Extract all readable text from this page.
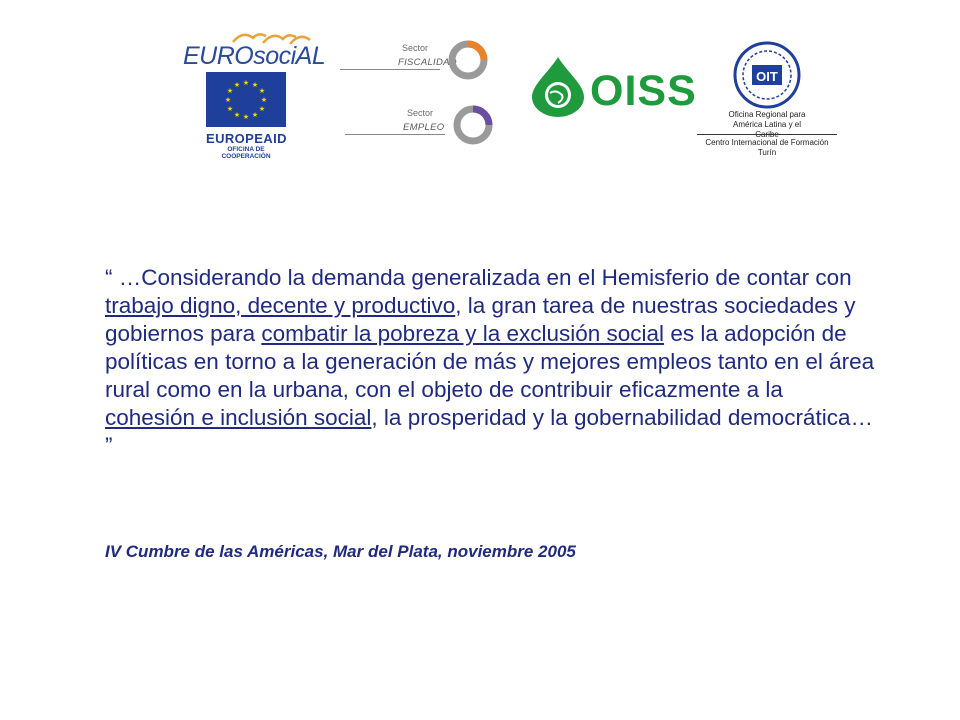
EUROsociAL
★ ★
★
★
★
★
★
★
★
★
★
★
EUROPEAID
OFICINA DE COOPERACIÓN
Sector
FISCALIDAD
Sector
EMPLEO
OISS	OIT
Oficina Regional para
América Latina y el
Centro Internacional de Formación
Turín

“ …Considerando la demanda generalizada en el Hemisferio de contar con trabajo digno, decente y productivo, la gran tarea de nuestras sociedades y gobiernos para combatir la pobreza y la exclusión social es la adopción de políticas en torno a la generación de más y mejores empleos tanto en el área rural como en la urbana, con el objeto de contribuir eficazmente a la cohesión e inclusión social, la prosperidad y la gobernabilidad democrática… ”

IV Cumbre de las Américas, Mar del Plata, noviembre 2005
